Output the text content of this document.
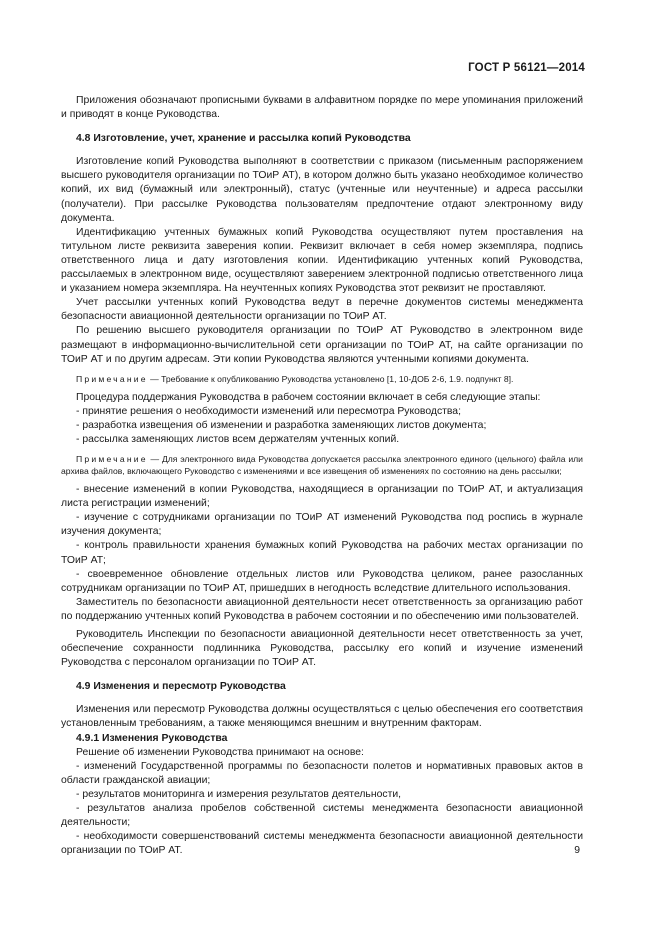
ГОСТ Р 56121—2014

Приложения обозначают прописными буквами в алфавитном порядке по мере упоминания приложений и приводят в конце Руководства.

4.8 Изготовление, учет, хранение и рассылка копий Руководства

Изготовление копий Руководства выполняют в соответствии с приказом (письменным распоряжением высшего руководителя организации по ТОиР АТ), в котором должно быть указано необходимое количество копий, их вид (бумажный или электронный), статус (учтенные или неучтенные) и адреса рассылки (получатели). При рассылке Руководства пользователям предпочтение отдают электронному виду документа.

Идентификацию учтенных бумажных копий Руководства осуществляют путем проставления на титульном листе реквизита заверения копии. Реквизит включает в себя номер экземпляра, подпись ответственного лица и дату изготовления копии. Идентификацию учтенных копий Руководства, рассылаемых в электронном виде, осуществляют заверением электронной подписью ответственного лица и указанием номера экземпляра. На неучтенных копиях Руководства этот реквизит не проставляют.

Учет рассылки учтенных копий Руководства ведут в перечне документов системы менеджмента безопасности авиационной деятельности организации по ТОиР АТ.

По решению высшего руководителя организации по ТОиР АТ Руководство в электронном виде размещают в информационно-вычислительной сети организации по ТОиР АТ, на сайте организации по ТОиР АТ и по другим адресам. Эти копии Руководства являются учтенными копиями документа.

Примечание — Требование к опубликованию Руководства установлено [1, 10-ДОБ 2-6, 1.9. подпункт 8].

Процедура поддержания Руководства в рабочем состоянии включает в себя следующие этапы:

- принятие решения о необходимости изменений или пересмотра Руководства;

- разработка извещения об изменении и разработка заменяющих листов документа;

- рассылка заменяющих листов всем держателям учтенных копий.

Примечание — Для электронного вида Руководства допускается рассылка электронного единого (цельного) файла или архива файлов, включающего Руководство с изменениями и все извещения об изменениях по состоянию на день рассылки;

- внесение изменений в копии Руководства, находящиеся в организации по ТОиР АТ, и актуализация листа регистрации изменений;

- изучение с сотрудниками организации по ТОиР АТ изменений Руководства под роспись в журнале изучения документа;

- контроль правильности хранения бумажных копий Руководства на рабочих местах организации по ТОиР АТ;

- своевременное обновление отдельных листов или Руководства целиком, ранее разосланных сотрудникам организации по ТОиР АТ, пришедших в негодность вследствие длительного использования.

Заместитель по безопасности авиационной деятельности несет ответственность за организацию работ по поддержанию учтенных копий Руководства в рабочем состоянии и по обеспечению ими пользователей.

Руководитель Инспекции по безопасности авиационной деятельности несет ответственность за учет, обеспечение сохранности подлинника Руководства, рассылку его копий и изучение изменений Руководства с персоналом организации по ТОиР АТ.

4.9 Изменения и пересмотр Руководства

Изменения или пересмотр Руководства должны осуществляться с целью обеспечения его соответствия установленным требованиям, а также меняющимся внешним и внутренним факторам.

4.9.1 Изменения Руководства

Решение об изменении Руководства принимают на основе:

- изменений Государственной программы по безопасности полетов и нормативных правовых актов в области гражданской авиации;

- результатов мониторинга и измерения результатов деятельности,

- результатов анализа пробелов собственной системы менеджмента безопасности авиационной деятельности;

- необходимости совершенствований системы менеджмента безопасности авиационной деятельности организации по ТОиР АТ.	9
